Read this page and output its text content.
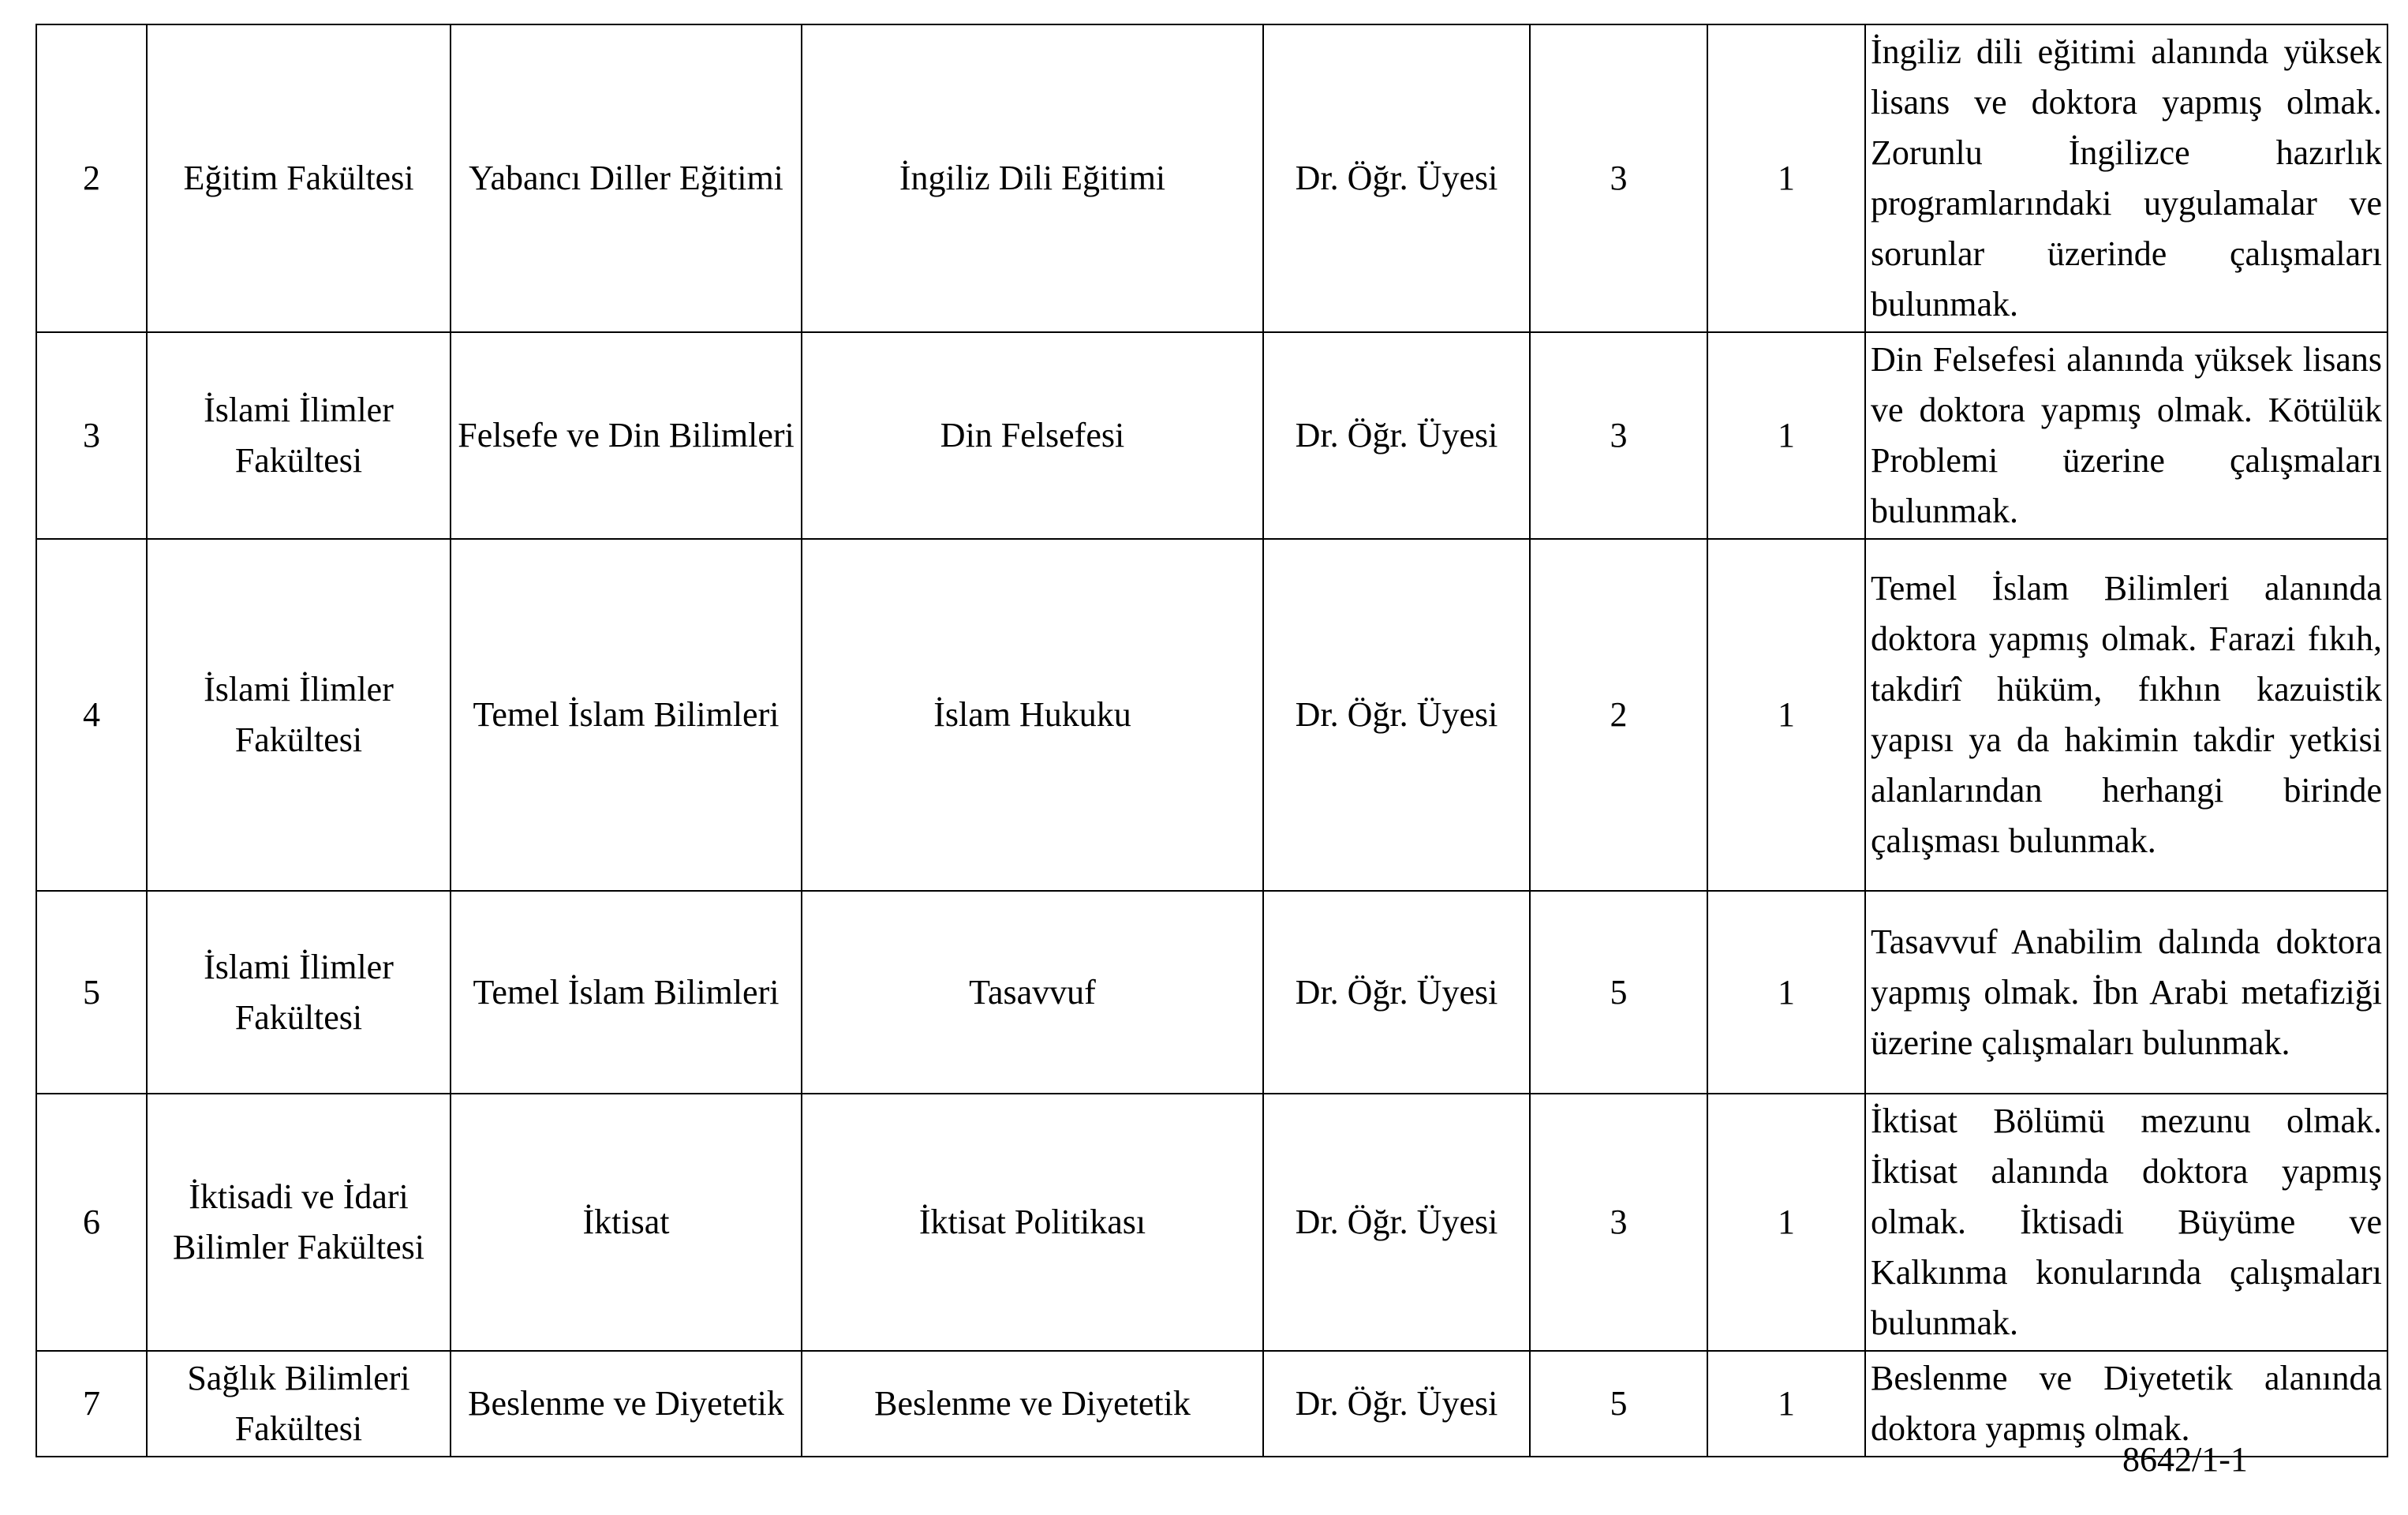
2	Eğitim Fakültesi	Yabancı Diller Eğitimi	İngiliz Dili Eğitimi	Dr. Öğr. Üyesi	3	1	İngiliz dili eğitimi alanında yüksek lisans ve doktora yapmış olmak. Zorunlu İngilizce hazırlık programlarındaki uygulamalar ve sorunlar üzerinde çalışmaları bulunmak.
3	İslami İlimler Fakültesi	Felsefe ve Din Bilimleri	Din Felsefesi	Dr. Öğr. Üyesi	3	1	Din Felsefesi alanında yüksek lisans ve doktora yapmış olmak. Kötülük Problemi üzerine çalışmaları bulunmak.
4	İslami İlimler Fakültesi	Temel İslam Bilimleri	İslam Hukuku	Dr. Öğr. Üyesi	2	1	Temel İslam Bilimleri alanında doktora yapmış olmak. Farazi fıkıh, takdirî hüküm, fıkhın kazuistik yapısı ya da hakimin takdir yetkisi alanlarından herhangi birinde çalışması bulunmak.
5	İslami İlimler Fakültesi	Temel İslam Bilimleri	Tasavvuf	Dr. Öğr. Üyesi	5	1	Tasavvuf Anabilim dalında doktora yapmış olmak. İbn Arabi metafiziği üzerine çalışmaları bulunmak.
6	İktisadi ve İdari Bilimler Fakültesi	İktisat	İktisat Politikası	Dr. Öğr. Üyesi	3	1	İktisat Bölümü mezunu olmak. İktisat alanında doktora yapmış olmak. İktisadi Büyüme ve Kalkınma konularında çalışmaları bulunmak.
7	Sağlık Bilimleri Fakültesi	Beslenme ve Diyetetik	Beslenme ve Diyetetik	Dr. Öğr. Üyesi	5	1	Beslenme ve Diyetetik alanında doktora yapmış olmak.
8642/1-1
